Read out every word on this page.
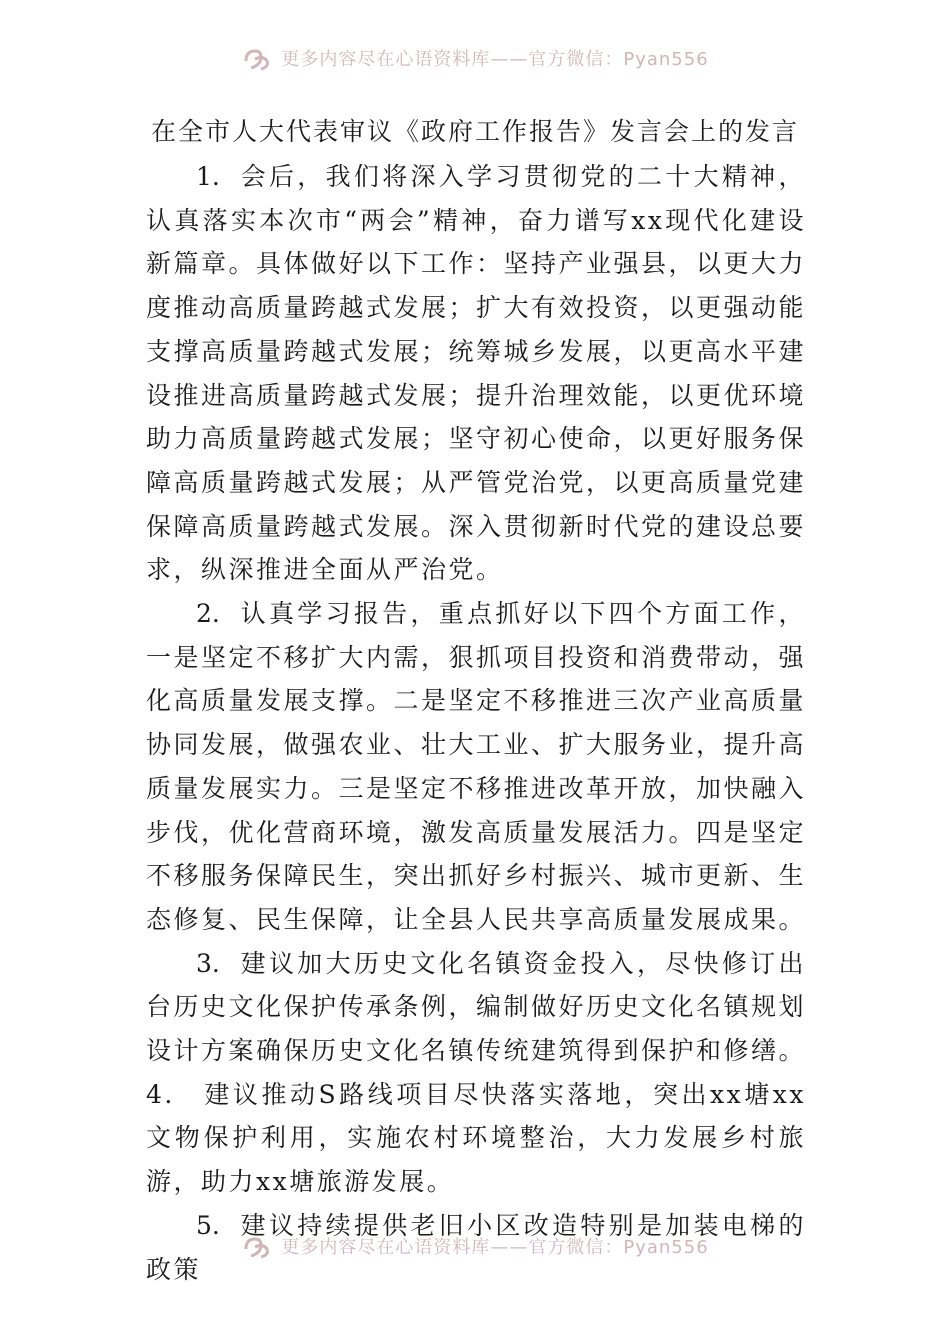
更多内容尽在心语资料库——官方微信：Pyan556
在全市人大代表审议《政府工作报告》发言会上的发言

1. 会后，我们将深入学习贯彻党的二十大精神，认真落实本次市“两会”精神，奋力谱写xx现代化建设新篇章。具体做好以下工作：坚持产业强县，以更大力度推动高质量跨越式发展；扩大有效投资，以更强动能支撑高质量跨越式发展；统筹城乡发展，以更高水平建设推进高质量跨越式发展；提升治理效能，以更优环境助力高质量跨越式发展；坚守初心使命，以更好服务保障高质量跨越式发展；从严管党治党，以更高质量党建保障高质量跨越式发展。深入贯彻新时代党的建设总要求，纵深推进全面从严治党。

2. 认真学习报告，重点抓好以下四个方面工作，一是坚定不移扩大内需，狠抓项目投资和消费带动，强化高质量发展支撑。二是坚定不移推进三次产业高质量协同发展，做强农业、壮大工业、扩大服务业，提升高质量发展实力。三是坚定不移推进改革开放，加快融入步伐，优化营商环境，激发高质量发展活力。四是坚定不移服务保障民生，突出抓好乡村振兴、城市更新、生态修复、民生保障，让全县人民共享高质量发展成果。

3. 建议加大历史文化名镇资金投入，尽快修订出台历史文化保护传承条例，编制做好历史文化名镇规划设计方案确保历史文化名镇传统建筑得到保护和修缮。4.　建议推动S路线项目尽快落实落地，突出xx塘xx文物保护利用，实施农村环境整治，大力发展乡村旅游，助力xx塘旅游发展。

5. 建议持续提供老旧小区改造特别是加装电梯的政策

更多内容尽在心语资料库——官方微信：Pyan556
